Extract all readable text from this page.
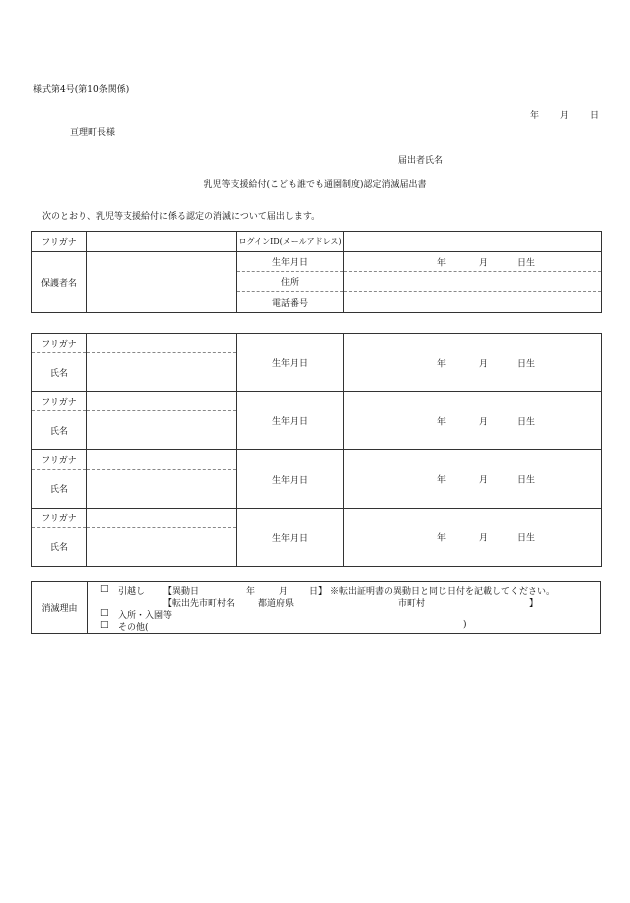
様式第4号(第10条関係)
年 月 日
亘理町長様
届出者氏名
乳児等支援給付(こども誰でも通園制度)認定消滅届出書
次のとおり、乳児等支援給付に係る認定の消滅について届出します。
フリガナ		ログインID(メールアドレス)	
保護者名		生年月日	年 月 日生

		住所	
		電話番号	
フリガナ		生年月日	年 月 日生

氏名			
フリガナ		生年月日	年 月 日生

氏名			
フリガナ		生年月日	年 月 日生

氏名			
フリガナ		生年月日	年 月 日生

氏名			
消滅理由
□ 引越し 【異動日	年
	月 日】 ※転出証明書の異動日と同じ日付を記載してください。
【転出先市町村名	都道府県	市町村	】
□ 入所・入園等
□ その他(	)
